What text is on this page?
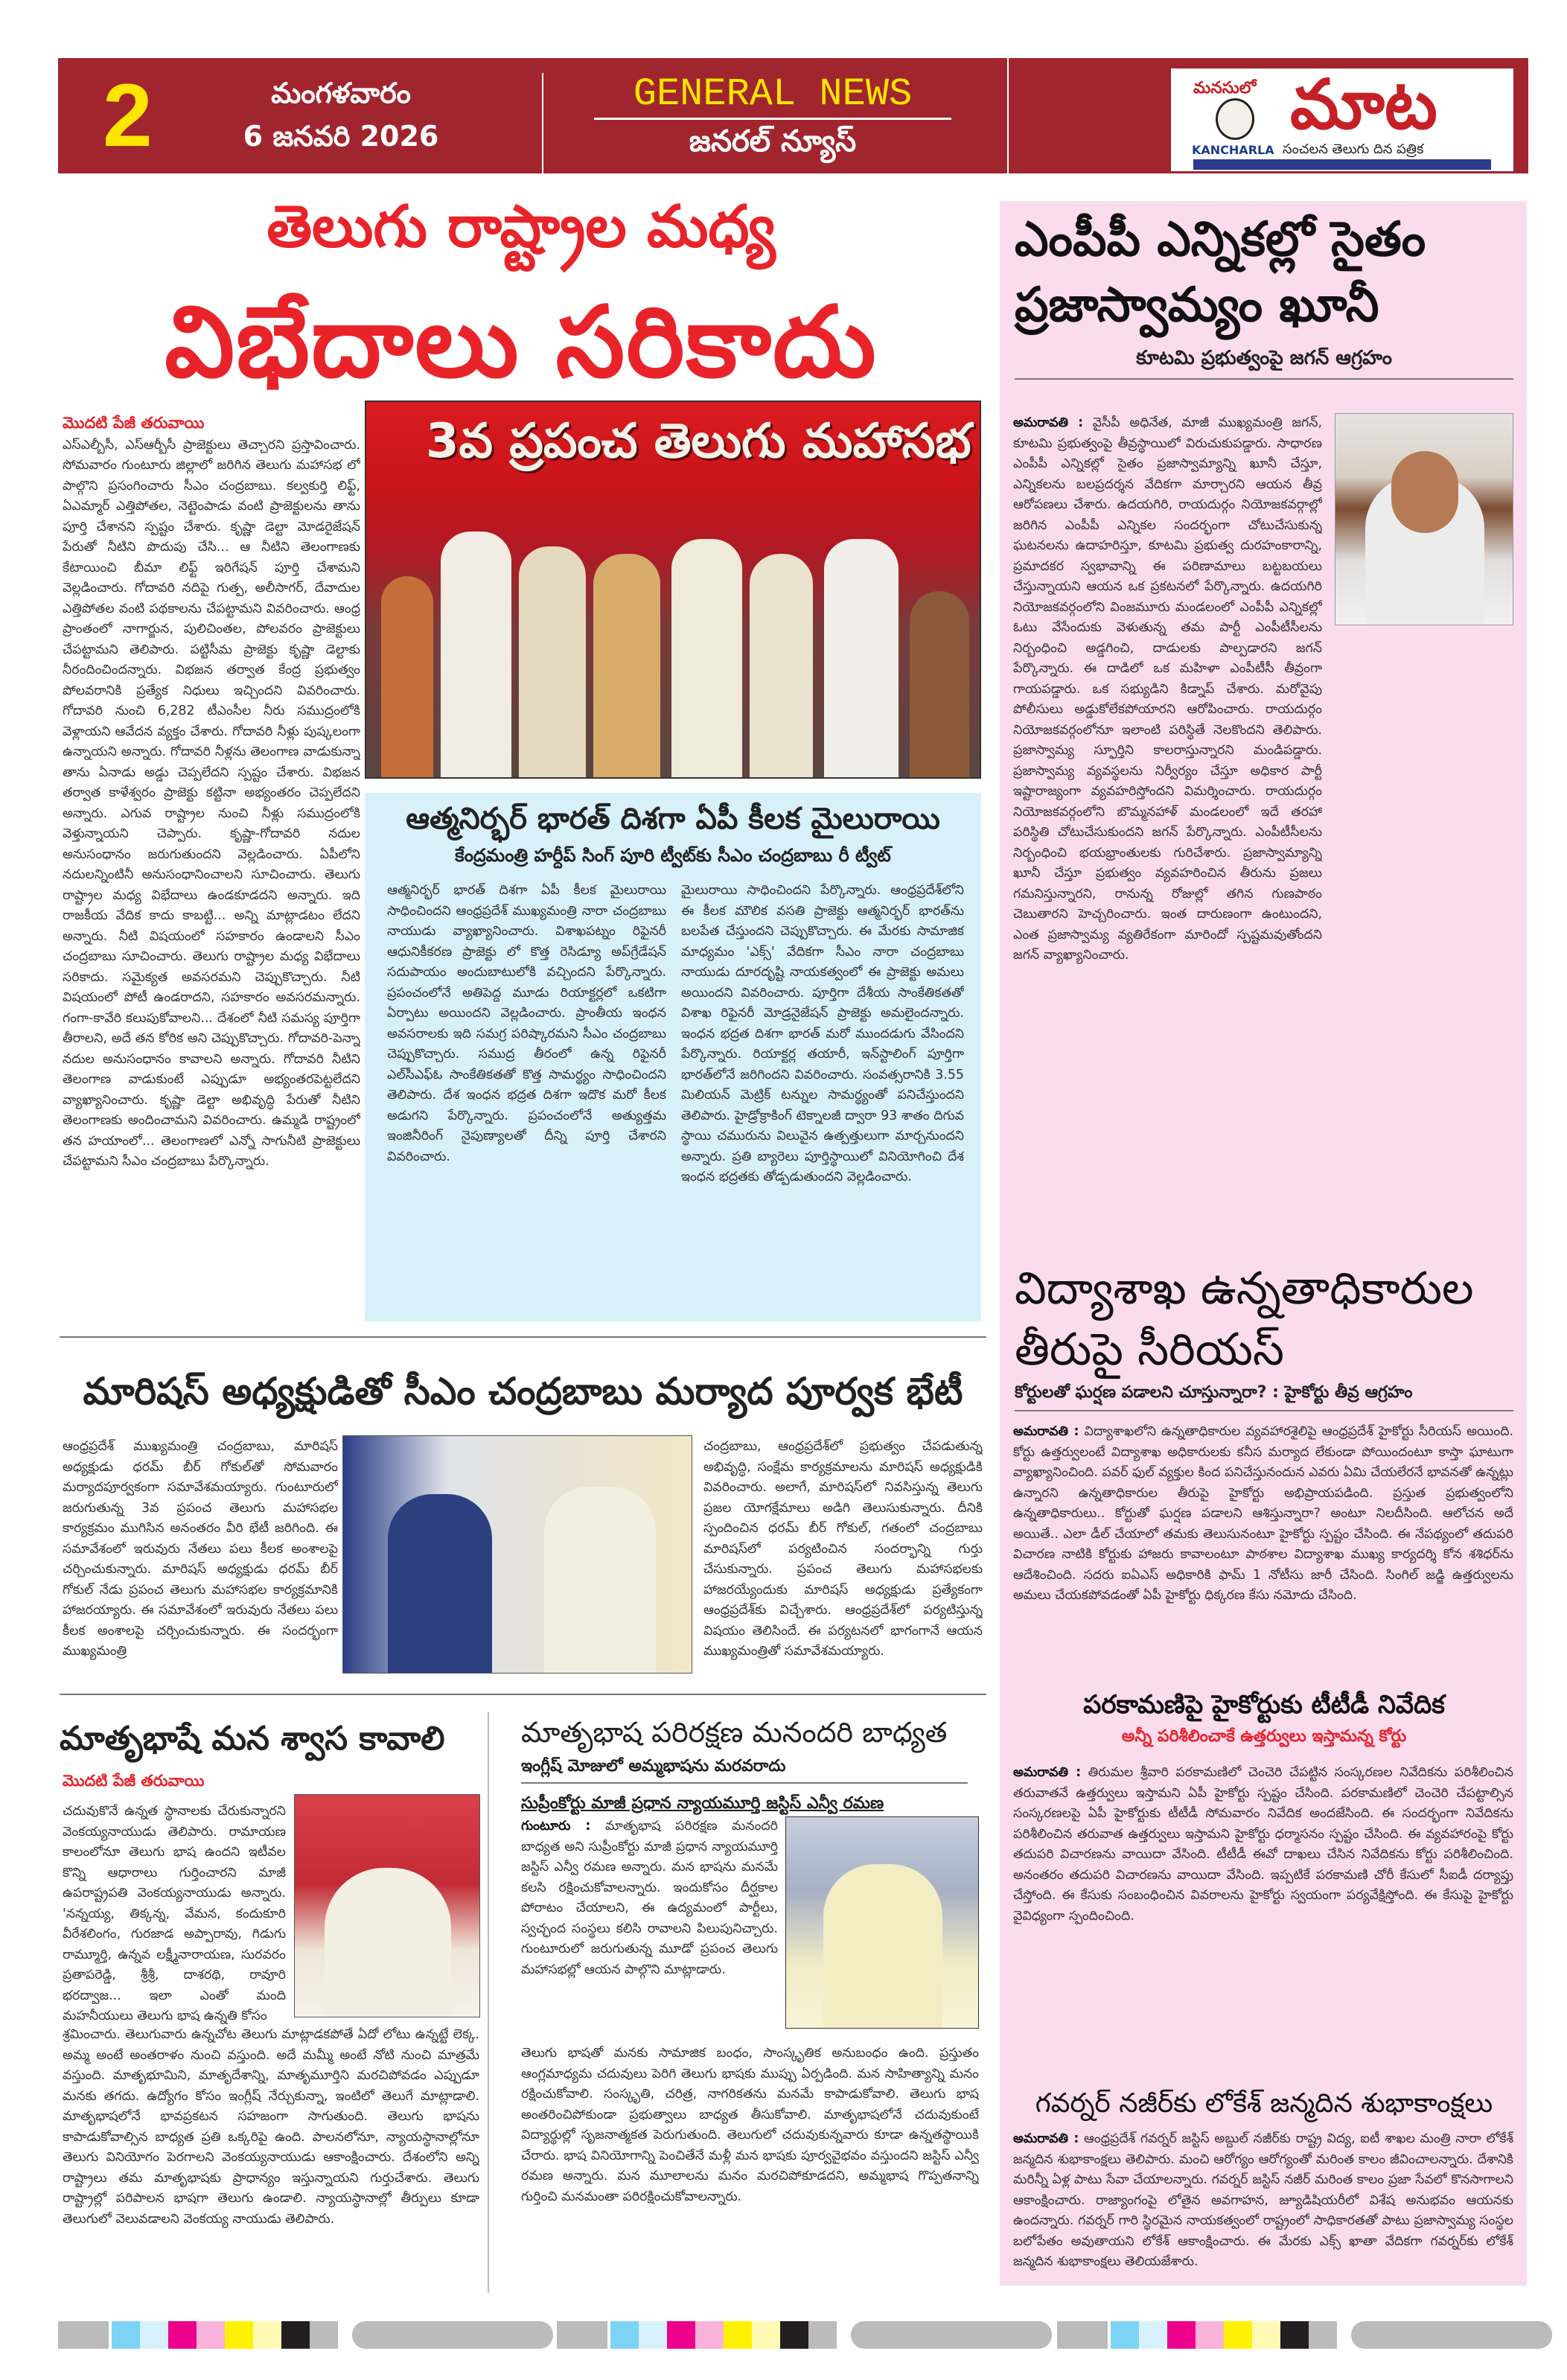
2	మంగళవారం
6 జనవరి 2026
GENERAL NEWS
జనరల్ న్యూస్
మనసులో మాట
KANCHARLA సంచలన తెలుగు దిన పత్రిక
తెలుగు రాష్ట్రాల మధ్య
విభేదాలు సరికాదు
మొదటి పేజీ తరువాయి
ఎస్ఎల్బీసీ, ఎస్ఆర్బీసీ ప్రాజెక్టులు తెచ్చారని ప్రస్తావించారు. సోమవారం గుంటూరు జిల్లాలో జరిగిన తెలుగు మహాసభ లో పాల్గొని ప్రసంగించారు సీఎం చంద్రబాబు. కల్వకుర్తి లిఫ్ట్, ఏఎమ్మార్ ఎత్తిపోతల, నెట్టెంపాడు వంటి ప్రాజెక్టులను తాను పూర్తి చేశానని స్పష్టం చేశారు. కృష్ణా డెల్టా మోడరైజేషన్ పేరుతో నీటిని పొదుపు చేసి... ఆ నీటిని తెలంగాణకు కేటాయించి బీమా లిఫ్ట్ ఇరిగేషన్ పూర్తి చేశామని వెల్లడించారు. గోదావరి నదిపై గుత్ప, అలీసాగర్, దేవాదుల ఎత్తిపోతల వంటి పథకాలను చేపట్టామని వివరించారు. ఆంధ్ర ప్రాంతంలో నాగార్జున, పులిచింతల, పోలవరం ప్రాజెక్టులు చేపట్టామని తెలిపారు. పట్టిసీమ ప్రాజెక్టు కృష్ణా డెల్టాకు నీరందించిందన్నారు. విభజన తర్వాత కేంద్ర ప్రభుత్వం పోలవరానికి ప్రత్యేక నిధులు ఇచ్చిందని వివరించారు. గోదావరి నుంచి 6,282 టీఎంసీల నీరు సముద్రంలోకి వెళ్లాయని ఆవేదన వ్యక్తం చేశారు. గోదావరి నీళ్లు పుష్కలంగా ఉన్నాయని అన్నారు. గోదావరి నీళ్లను తెలంగాణ వాడుకున్నా తాను ఏనాడు అడ్డు చెప్పలేదని స్పష్టం చేశారు. విభజన తర్వాత కాళేశ్వరం ప్రాజెక్టు కట్టినా అభ్యంతరం చెప్పలేదని అన్నారు. ఎగువ రాష్ట్రాల నుంచి నీళ్లు సముద్రంలోకి వెళ్తున్నాయని చెప్పారు. కృష్ణా-గోదావరి నదుల అనుసంధానం జరుగుతుందని వెల్లడించారు. ఏపీలోని నదులన్నింటినీ అనుసంధానించాలని సూచించారు. తెలుగు రాష్ట్రాల మధ్య విభేదాలు ఉండకూడదని అన్నారు. ఇది రాజకీయ వేదిక కాదు కాబట్టి... అన్ని మాట్లాడటం లేదని అన్నారు. నీటి విషయంలో సహకారం ఉండాలని సీఎం చంద్రబాబు సూచించారు. తెలుగు రాష్ట్రాల మధ్య విభేదాలు సరికాదు. సమైక్యత అవసరమని చెప్పుకొచ్చారు. నీటి విషయంలో పోటీ ఉండరాదని, సహకారం అవసరమన్నారు. గంగా-కావేరి కలుపుకోవాలని... దేశంలో నీటి సమస్య పూర్తిగా తీరాలని, అదే తన కోరిక అని చెప్పుకొచ్చారు. గోదావరి-పెన్నా నదుల అనుసంధానం కావాలని అన్నారు. గోదావరి నీటిని తెలంగాణ వాడుకుంటే ఎప్పుడూ అభ్యంతరపెట్టలేదని వ్యాఖ్యానించారు. కృష్ణా డెల్టా అభివృద్ధి పేరుతో నీటిని తెలంగాణకు అందించామని వివరించారు. ఉమ్మడి రాష్ట్రంలో తన హయాంలో... తెలంగాణలో ఎన్నో సాగునీటి ప్రాజెక్టులు చేపట్టామని సీఎం చంద్రబాబు పేర్కొన్నారు.
3వ ప్రపంచ తెలుగు మహాసభ
ఆత్మనిర్భర్ భారత్ దిశగా ఏపీ కీలక మైలురాయి
కేంద్రమంత్రి హర్దీప్ సింగ్ పూరి ట్వీట్‌కు సీఎం చంద్రబాబు రీ ట్వీట్
ఆత్మనిర్భర్ భారత్ దిశగా ఏపీ కీలక మైలురాయి సాధించిందని ఆంధ్రప్రదేశ్ ముఖ్యమంత్రి నారా చంద్రబాబు నాయుడు వ్యాఖ్యానించారు. విశాఖపట్నం రిఫైనరీ ఆధునికీకరణ ప్రాజెక్టు లో కొత్త రెసిడ్యూ అప్‌గ్రేడేషన్ సదుపాయం అందుబాటులోకి వచ్చిందని పేర్కొన్నారు. ప్రపంచంలోనే అతిపెద్ద మూడు రియాక్టర్లలో ఒకటిగా ఏర్పాటు అయిందని వెల్లడించారు. ప్రాంతీయ ఇంధన అవసరాలకు ఇది సమగ్ర పరిష్కారమని సీఎం చంద్రబాబు చెప్పుకొచ్చారు. సముద్ర తీరంలో ఉన్న రిఫైనరీ ఎల్‌సీ‌ఎఫ్ఓ సాంకేతికతతో కొత్త సామర్థ్యం సాధించిందని తెలిపారు. దేశ ఇంధన భద్రత దిశగా ఇదొక మరో కీలక అడుగని పేర్కొన్నారు. ప్రపంచంలోనే అత్యుత్తమ ఇంజినీరింగ్ నైపుణ్యాలతో దీన్ని పూర్తి చేశారని వివరించారు.
మైలురాయి సాధించిందని పేర్కొన్నారు. ఆంధ్రప్రదేశ్‌లోని ఈ కీలక మౌలిక వసతి ప్రాజెక్టు ఆత్మనిర్భర్ భారత్‌ను బలపేత చేస్తుందని చెప్పుకొచ్చారు. ఈ మేరకు సామాజిక మాధ్యమం 'ఎక్స్' వేదికగా సీఎం నారా చంద్రబాబు నాయుడు దూరదృష్టి నాయకత్వంలో ఈ ప్రాజెక్టు అమలు అయిందని వివరించారు. పూర్తిగా దేశీయ సాంకేతికతతో విశాఖ రిఫైనరీ మోడ్రనైజేషన్ ప్రాజెక్టు అమలైందన్నారు. ఇంధన భద్రత దిశగా భారత్ మరో ముందడుగు వేసిందని పేర్కొన్నారు. రియాక్టర్ల తయారీ, ఇన్‌స్టాలింగ్ పూర్తిగా భారత్‌లోనే జరిగిందని వివరించారు. సంవత్సరానికి 3.55 మిలియన్ మెట్రిక్ టన్నుల సామర్థ్యంతో పనిచేస్తుందని తెలిపారు. హైడ్రోక్రాకింగ్ టెక్నాలజీ ద్వారా 93 శాతం దిగువ స్థాయి చమురును విలువైన ఉత్పత్తులుగా మార్చనుందని అన్నారు. ప్రతి బ్యారెలు పూర్తిస్థాయిలో వినియోగించి దేశ ఇంధన భద్రతకు తోడ్పడుతుందని వెల్లడించారు.
మారిషస్ అధ్యక్షుడితో సీఎం చంద్రబాబు మర్యాద పూర్వక భేటీ
ఆంధ్రప్రదేశ్ ముఖ్యమంత్రి చంద్రబాబు, మారిషస్ అధ్యక్షుడు ధరమ్ బీర్ గోకుల్‌తో సోమవారం మర్యాదపూర్వకంగా సమావేశమయ్యారు. గుంటూరులో జరుగుతున్న 3వ ప్రపంచ తెలుగు మహాసభల కార్యక్రమం ముగిసిన అనంతరం వీరి భేటీ జరిగింది. ఈ సమావేశంలో ఇరువురు నేతలు పలు కీలక అంశాలపై చర్చించుకున్నారు. మారిషస్ అధ్యక్షుడు ధరమ్ బీర్ గోకుల్ నేడు ప్రపంచ తెలుగు మహాసభల కార్యక్రమానికి హాజరయ్యారు. ఈ సమావేశంలో ఇరువురు నేతలు పలు కీలక అంశాలపై చర్చించుకున్నారు. ఈ సందర్భంగా ముఖ్యమంత్రి
చంద్రబాబు, ఆంధ్రప్రదేశ్‌లో ప్రభుత్వం చేపడుతున్న అభివృద్ధి, సంక్షేమ కార్యక్రమాలను మారిషస్ అధ్యక్షుడికి వివరించారు. అలాగే, మారిషస్‌లో నివసిస్తున్న తెలుగు ప్రజల యోగక్షేమాలు అడిగి తెలుసుకున్నారు. దీనికి స్పందించిన ధరమ్ బీర్ గోకుల్, గతంలో చంద్రబాబు మారిషస్‌లో పర్యటించిన సందర్భాన్ని గుర్తు చేసుకున్నారు. ప్రపంచ తెలుగు మహాసభలకు హాజరయ్యేందుకు మారిషస్ అధ్యక్షుడు ప్రత్యేకంగా ఆంధ్రప్రదేశ్‌కు విచ్చేశారు. ఆంధ్రప్రదేశ్‌లో పర్యటిస్తున్న విషయం తెలిసిందే. ఈ పర్యటనలో భాగంగానే ఆయన ముఖ్యమంత్రితో సమావేశమయ్యారు.
మాతృభాషే మన శ్వాస కావాలి
మొదటి పేజీ తరువాయి
చదువుకొనే ఉన్నత స్థానాలకు చేరుకున్నారని వెంకయ్యనాయుడు తెలిపారు. రామాయణ కాలంలోనూ తెలుగు భాష ఉందని ఇటీవల కొన్ని ఆధారాలు గుర్తించారని మాజీ ఉపరాష్ట్రపతి వెంకయ్యనాయుడు అన్నారు. 'నన్నయ్య, తిక్కన్న, వేమన, కందుకూరి వీరేశలింగం, గురజాడ అప్పారావు, గిడుగు రామ్మూర్తి, ఉన్నవ లక్ష్మీనారాయణ, సురవరం ప్రతాపరెడ్డి, శ్రీశ్రీ, దాశరథి, రావూరి భరద్వాజ... ఇలా ఎంతో మంది మహనీయులు తెలుగు భాష ఉన్నతి కోసం
శ్రమించారు. తెలుగువారు ఉన్నచోట తెలుగు మాట్లాడకపోతే ఏదో లోటు ఉన్నట్టే లెక్క. అమ్మ అంటే అంతరాళం నుంచి వస్తుంది. అదే మమ్మీ అంటే నోటి నుంచి మాత్రమే వస్తుంది. మాతృభూమిని, మాతృదేశాన్ని, మాతృమూర్తిని మరచిపోవడం ఎప్పుడూ మనకు తగదు. ఉద్యోగం కోసం ఇంగ్లీష్ నేర్చుకున్నా, ఇంటిలో తెలుగే మాట్లాడాలి. మాతృభాషలోనే భావప్రకటన సహజంగా సాగుతుంది. తెలుగు భాషను కాపాడుకోవాల్సిన బాధ్యత ప్రతి ఒక్కరిపై ఉంది. పాలనలోనూ, న్యాయస్థానాల్లోనూ తెలుగు వినియోగం పెరగాలని వెంకయ్యనాయుడు ఆకాంక్షించారు. దేశంలోని అన్ని రాష్ట్రాలు తమ మాతృభాషకు ప్రాధాన్యం ఇస్తున్నాయని గుర్తుచేశారు. తెలుగు రాష్ట్రాల్లో పరిపాలన భాషగా తెలుగు ఉండాలి. న్యాయస్థానాల్లో తీర్పులు కూడా తెలుగులో వెలువడాలని వెంకయ్య నాయుడు తెలిపారు.
మాతృభాష పరిరక్షణ మనందరి బాధ్యత
ఇంగ్లీష్ మోజులో అమ్మభాషను మరవరాదు
సుప్రీంకోర్టు మాజీ ప్రధాన న్యాయమూర్తి జస్టిస్ ఎన్వీ రమణ
గుంటూరు : మాతృభాష పరిరక్షణ మనందరి బాధ్యత అని సుప్రీంకోర్టు మాజీ ప్రధాన న్యాయమూర్తి జస్టిస్ ఎన్వీ రమణ అన్నారు. మన భాషను మనమే కలసి రక్షించుకోవాలన్నారు. ఇందుకోసం దీర్ఘకాల పోరాటం చేయాలని, ఈ ఉద్యమంలో పార్టీలు, స్వచ్ఛంద సంస్థలు కలిసి రావాలని పిలుపునిచ్చారు. గుంటూరులో జరుగుతున్న మూడో ప్రపంచ తెలుగు మహాసభల్లో ఆయన పాల్గొని మాట్లాడారు.
తెలుగు భాషతో మనకు సామాజిక బంధం, సాంస్కృతిక అనుబంధం ఉంది. ప్రస్తుతం ఆంగ్లమాధ్యమ చదువులు పెరిగి తెలుగు భాషకు ముప్పు ఏర్పడింది. మన సాహిత్యాన్ని మనం రక్షించుకోవాలి. సంస్కృతి, చరిత్ర, నాగరికతను మనమే కాపాడుకోవాలి. తెలుగు భాష అంతరించిపోకుండా ప్రభుత్వాలు బాధ్యత తీసుకోవాలి. మాతృభాషలోనే చదువుకుంటే విద్యార్థుల్లో సృజనాత్మకత పెరుగుతుంది. తెలుగులో చదువుకున్నవారు కూడా ఉన్నతస్థాయికి చేరారు. భాష వినియోగాన్ని పెంచితేనే మళ్లీ మన భాషకు పూర్వవైభవం వస్తుందని జస్టిస్ ఎన్వీ రమణ అన్నారు. మన మూలాలను మనం మరచిపోకూడదని, అమ్మభాష గొప్పతనాన్ని గుర్తించి మనమంతా పరిరక్షించుకోవాలన్నారు.
ఎంపీపీ ఎన్నికల్లో సైతం ప్రజాస్వామ్యం ఖూనీ
కూటమి ప్రభుత్వంపై జగన్ ఆగ్రహం
అమరావతి : వైసీపీ అధినేత, మాజీ ముఖ్యమంత్రి జగన్, కూటమి ప్రభుత్వంపై తీవ్రస్థాయిలో విరుచుకుపడ్డారు. సాధారణ ఎంపీపీ ఎన్నికల్లో సైతం ప్రజాస్వామ్యాన్ని ఖూనీ చేస్తూ, ఎన్నికలను బలప్రదర్శన వేదికగా మార్చారని ఆయన తీవ్ర ఆరోపణలు చేశారు. ఉదయగిరి, రాయదుర్గం నియోజకవర్గాల్లో జరిగిన ఎంపీపీ ఎన్నికల సందర్భంగా చోటుచేసుకున్న ఘటనలను ఉదాహరిస్తూ, కూటమి ప్రభుత్వ దురహంకారాన్ని, ప్రమాదకర స్వభావాన్ని ఈ పరిణామాలు బట్టబయలు చేస్తున్నాయని ఆయన ఒక ప్రకటనలో పేర్కొన్నారు. ఉదయగిరి నియోజకవర్గంలోని వింజమూరు మండలంలో ఎంపీపీ ఎన్నికల్లో ఓటు వేసేందుకు వెళుతున్న తమ పార్టీ ఎంపీటీసీలను నిర్బంధించి అడ్డగించి, దాడులకు పాల్పడారని జగన్ పేర్కొన్నారు. ఈ దాడిలో ఒక మహిళా ఎంపీటీసీ తీవ్రంగా గాయపడ్డారు. ఒక సభ్యుడిని కిడ్నాప్ చేశారు. మరోవైపు పోలీసులు అడ్డుకోలేకపోయారని ఆరోపించారు. రాయదుర్గం నియోజకవర్గంలోనూ ఇలాంటి పరిస్థితే నెలకొందని తెలిపారు. ప్రజాస్వామ్య స్ఫూర్తిని కాలరాస్తున్నారని మండిపడ్డారు. ప్రజాస్వామ్య వ్యవస్థలను నిర్వీర్యం చేస్తూ అధికార పార్టీ ఇష్టారాజ్యంగా వ్యవహరిస్తోందని విమర్శించారు. రాయదుర్గం నియోజకవర్గంలోని బొమ్మనహాళ్ మండలంలో ఇదే తరహా పరిస్థితి చోటుచేసుకుందని జగన్ పేర్కొన్నారు. ఎంపీటీసీలను నిర్బంధించి భయభ్రాంతులకు గురిచేశారు. ప్రజాస్వామ్యాన్ని ఖూనీ చేస్తూ ప్రభుత్వం వ్యవహరించిన తీరును ప్రజలు గమనిస్తున్నారని, రానున్న రోజుల్లో తగిన గుణపాఠం చెబుతారని హెచ్చరించారు. ఇంత దారుణంగా ఉంటుందని, ఎంత ప్రజాస్వామ్య వ్యతిరేకంగా మారిందో స్పష్టమవుతోందని జగన్ వ్యాఖ్యానించారు.
విద్యాశాఖ ఉన్నతాధికారుల
తీరుపై సీరియస్
కోర్టులతో ఘర్షణ పడాలని చూస్తున్నారా? : హైకోర్టు తీవ్ర ఆగ్రహం
అమరావతి : విద్యాశాఖలోని ఉన్నతాధికారుల వ్యవహారశైలిపై ఆంధ్రప్రదేశ్ హైకోర్టు సీరియస్ అయింది. కోర్టు ఉత్తర్వులంటే విద్యాశాఖ అధికారులకు కనీస మర్యాద లేకుండా పోయిందంటూ కాస్తా ఘాటుగా వ్యాఖ్యానించింది. పవర్ ఫుల్ వ్యక్తుల కింద పనిచేస్తునందున ఎవరు ఏమి చేయలేరనే భావనతో ఉన్నట్లు ఉన్నారని ఉన్నతాధికారుల తీరుపై హైకోర్టు అభిప్రాయపడింది. ప్రస్తుత ప్రభుత్వంలోని ఉన్నతాధికారులు.. కోర్టుతో ఘర్షణ పడాలని ఆశిస్తున్నారా? అంటూ నిలదీసింది. ఆలోచన అదే అయితే.. ఎలా డీల్ చేయాలో తమకు తెలుసునంటూ హైకోర్టు స్పష్టం చేసింది. ఈ నేపథ్యంలో తదుపరి విచారణ నాటికి కోర్టుకు హాజరు కావాలంటూ పాఠశాల విద్యాశాఖ ముఖ్య కార్యదర్శి కోన శశిధర్‌ను ఆదేశించింది. సదరు ఐఏఎస్ అధికారికి ఫామ్ 1 నోటీసు జారీ చేసింది. సింగిల్ జడ్జి ఉత్తర్వులను అమలు చేయకపోవడంతో ఏపీ హైకోర్టు ధిక్కరణ కేసు నమోదు చేసింది.
పరకామణిపై హైకోర్టుకు టీటీడీ నివేదిక
అన్నీ పరిశీలించాకే ఉత్తర్వులు ఇస్తామన్న కోర్టు
అమరావతి : తిరుమల శ్రీవారి పరకామణిలో చెంచెరి చేపట్టిన సంస్కరణల నివేదికను పరిశీలించిన తరువాతనే ఉత్తర్వులు ఇస్తామని ఏపీ హైకోర్టు స్పష్టం చేసింది. పరకామణిలో చెంచెరి చేపట్టాల్సిన సంస్కరణలపై ఏపీ హైకోర్టుకు టీటీడీ సోమవారం నివేదిక అందజేసింది. ఈ సందర్భంగా నివేదికను పరిశీలించిన తరువాత ఉత్తర్వులు ఇస్తామని హైకోర్టు ధర్మాసనం స్పష్టం చేసింది. ఈ వ్యవహారంపై కోర్టు తదుపరి విచారణను వాయిదా వేసింది. టీటీడీ ఈవో దాఖలు చేసిన నివేదికను కోర్టు పరిశీలించింది. అనంతరం తదుపరి విచారణను వాయిదా వేసింది. ఇప్పటికే పరకామణి చోరీ కేసులో సీఐడీ దర్యాప్తు చేస్తోంది. ఈ కేసుకు సంబంధించిన వివరాలను హైకోర్టు స్వయంగా పర్యవేక్షిస్తోంది. ఈ కేసుపై హైకోర్టు వైవిధ్యంగా స్పందించింది.
గవర్నర్ నజీర్‌కు లోకేశ్ జన్మదిన శుభాకాంక్షలు
అమరావతి : ఆంధ్రప్రదేశ్ గవర్నర్ జస్టిస్ అబ్దుల్ నజీర్‌కు రాష్ట్ర విద్య, ఐటీ శాఖల మంత్రి నారా లోకేశ్ జన్మదిన శుభాకాంక్షలు తెలిపారు. మంచి ఆరోగ్యం ఆరోగ్యంతో మరింత కాలం జీవించాలన్నారు. దేశానికి మరిన్నీ ఏళ్ల పాటు సేవా చేయాలన్నారు. గవర్నర్ జస్టిస్ నజీర్ మరింత కాలం ప్రజా సేవలో కొనసాగాలని ఆకాంక్షించారు. రాజ్యాంగంపై లోతైన అవగాహన, జ్యూడిషియరీలో విశేష అనుభవం ఆయనకు ఉందన్నారు. గవర్నర్ గారి స్థిరమైన నాయకత్వంలో రాష్ట్రంలో సాధికారతతో పాటు ప్రజాస్వామ్య సంస్థల బలోపేతం అవుతాయని లోకేశ్ ఆకాంక్షించారు. ఈ మేరకు ఎక్స్ ఖాతా వేదికగా గవర్నర్‌కు లోకేశ్ జన్మదిన శుభాకాంక్షలు తెలియజేశారు.
